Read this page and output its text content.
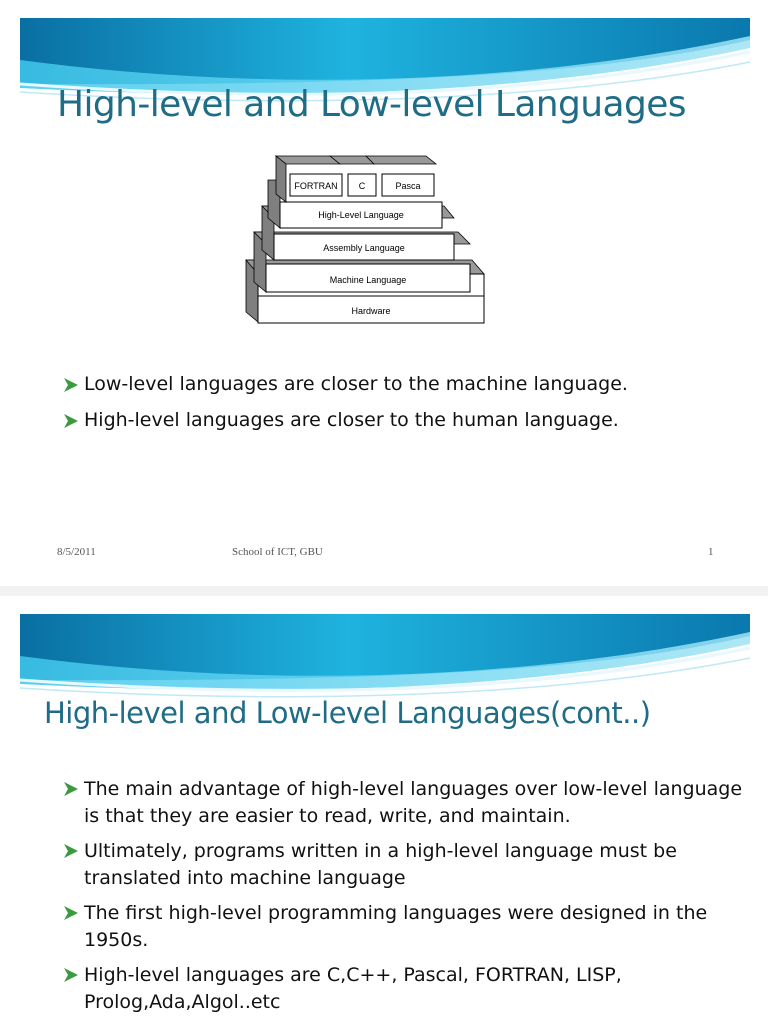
High-level and Low-level Languages
Hardware
Machine Language
Assembly Language
High-Level Language
FORTRAN C	Pasca
Low-level languages are closer to the machine language.
High-level languages are closer to the human language.
8/5/2011	School of ICT, GBU	1
High-level and Low-level Languages(cont..)
The main advantage of high-level languages over low-level language is that they are easier to read, write, and maintain.
Ultimately, programs written in a high-level language must be translated into machine language
The first high-level programming languages were designed in the 1950s.
High-level languages are C,C++, Pascal, FORTRAN, LISP, Prolog,Ada,Algol..etc
